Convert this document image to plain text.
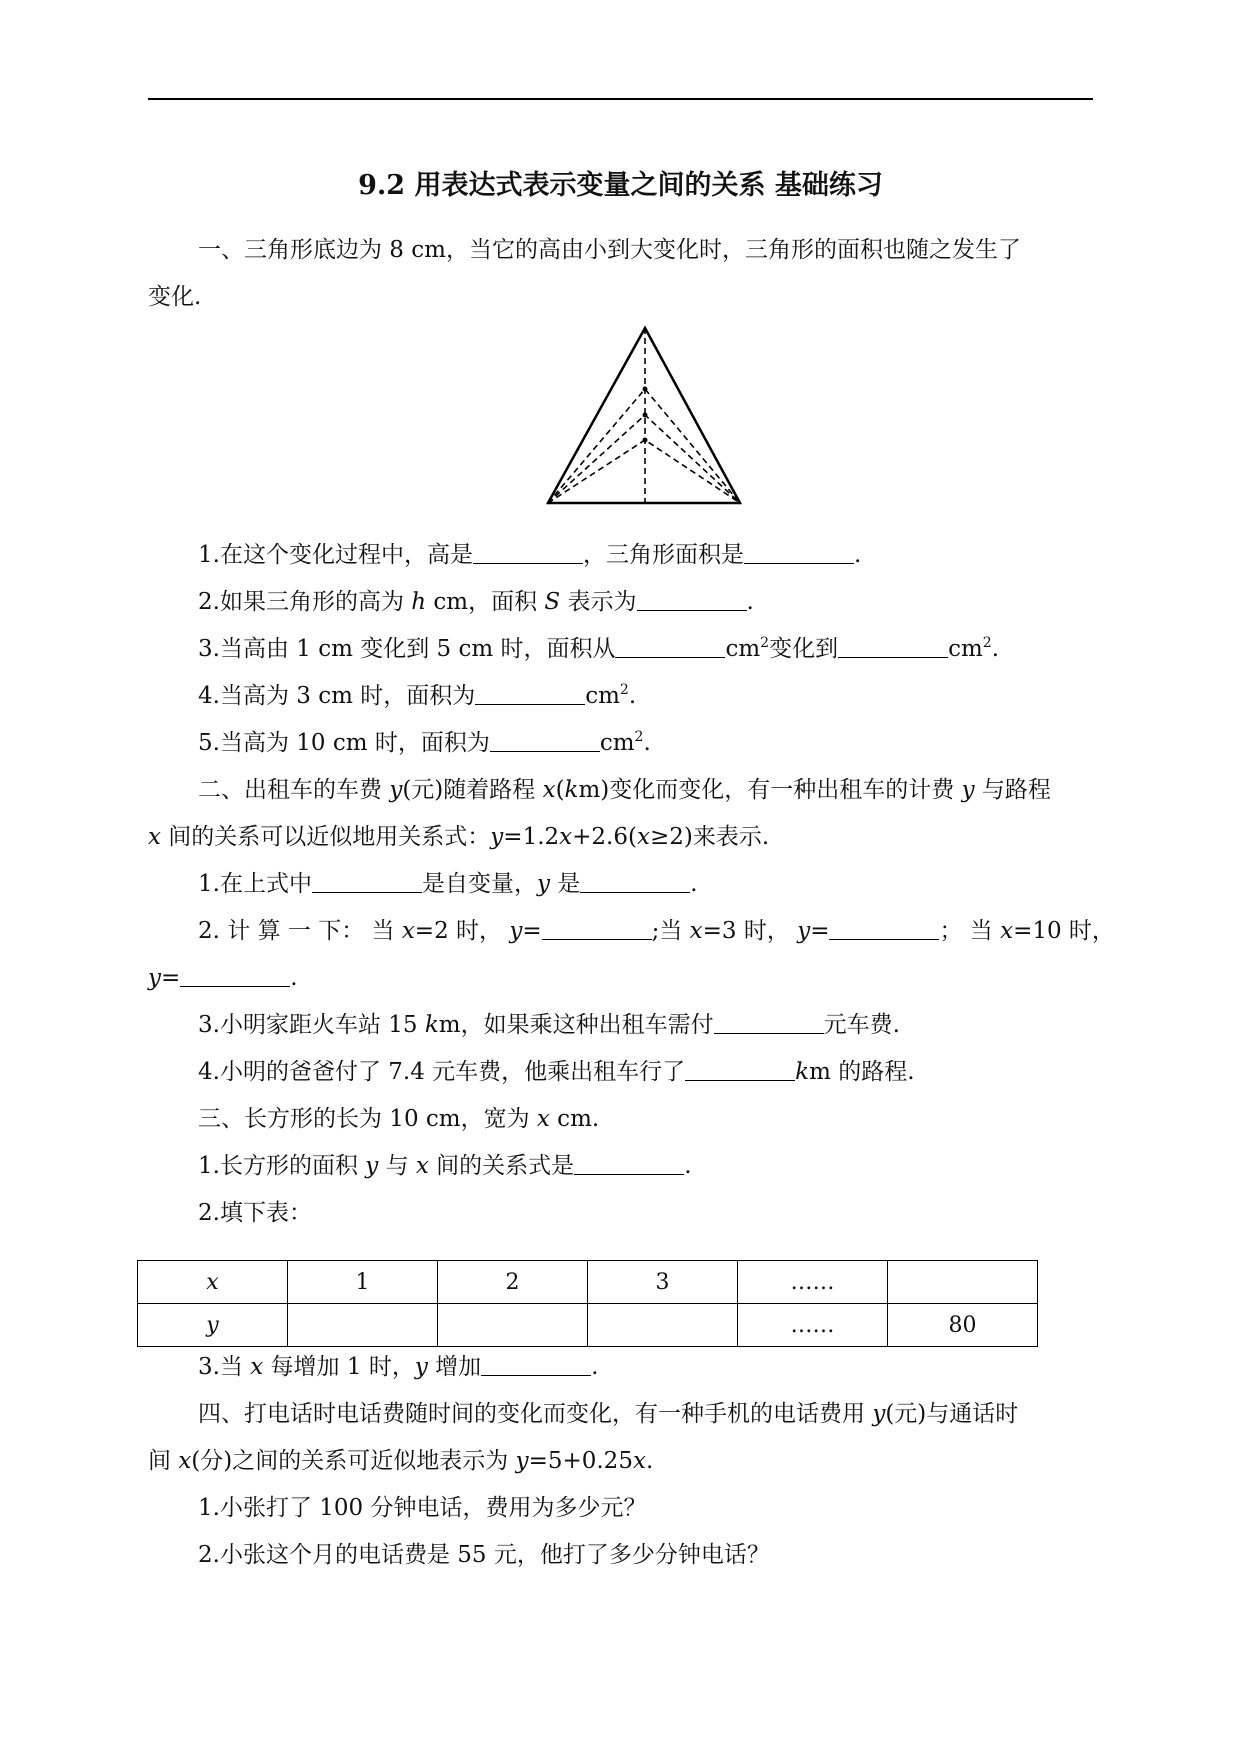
9.2 用表达式表示变量之间的关系 基础练习
一、三角形底边为 8 cm，当它的高由小到大变化时，三角形的面积也随之发生了
变化.
1.在这个变化过程中，高是	，三角形面积是	.
2.如果三角形的高为 h cm，面积 S 表示为	.
3.当高由 1 cm 变化到 5 cm 时，面积从	$cm^2$变化到	$cm^2$.
4.当高为 3 cm 时，面积为	$cm^2$.
5.当高为 10 cm 时，面积为	$cm^2$.
二、出租车的车费 y(元)随着路程 x(km)变化而变化，有一种出租车的计费 y 与路程
x 间的关系可以近似地用关系式：y=1.2x+2.6(x≥2)来表示.
1.在上式中	是自变量，y 是	.
2. 计 算 一 下： 当 x=2 时， y=	;当 x=3 时， y=	； 当 x=10 时，
y=	.
3.小明家距火车站 15 km，如果乘这种出租车需付	元车费.
4.小明的爸爸付了 7.4 元车费，他乘出租车行了	km 的路程.
三、长方形的长为 10 cm，宽为 x cm.
1.长方形的面积 y 与 x 间的关系式是	.
2.填下表：
x	1	2	3	……	
y				……	80
3.当 x 每增加 1 时，y 增加	.
四、打电话时电话费随时间的变化而变化，有一种手机的电话费用 y(元)与通话时
间 x(分)之间的关系可近似地表示为 y=5+0.25x.
1.小张打了 100 分钟电话，费用为多少元？
2.小张这个月的电话费是 55 元，他打了多少分钟电话？
